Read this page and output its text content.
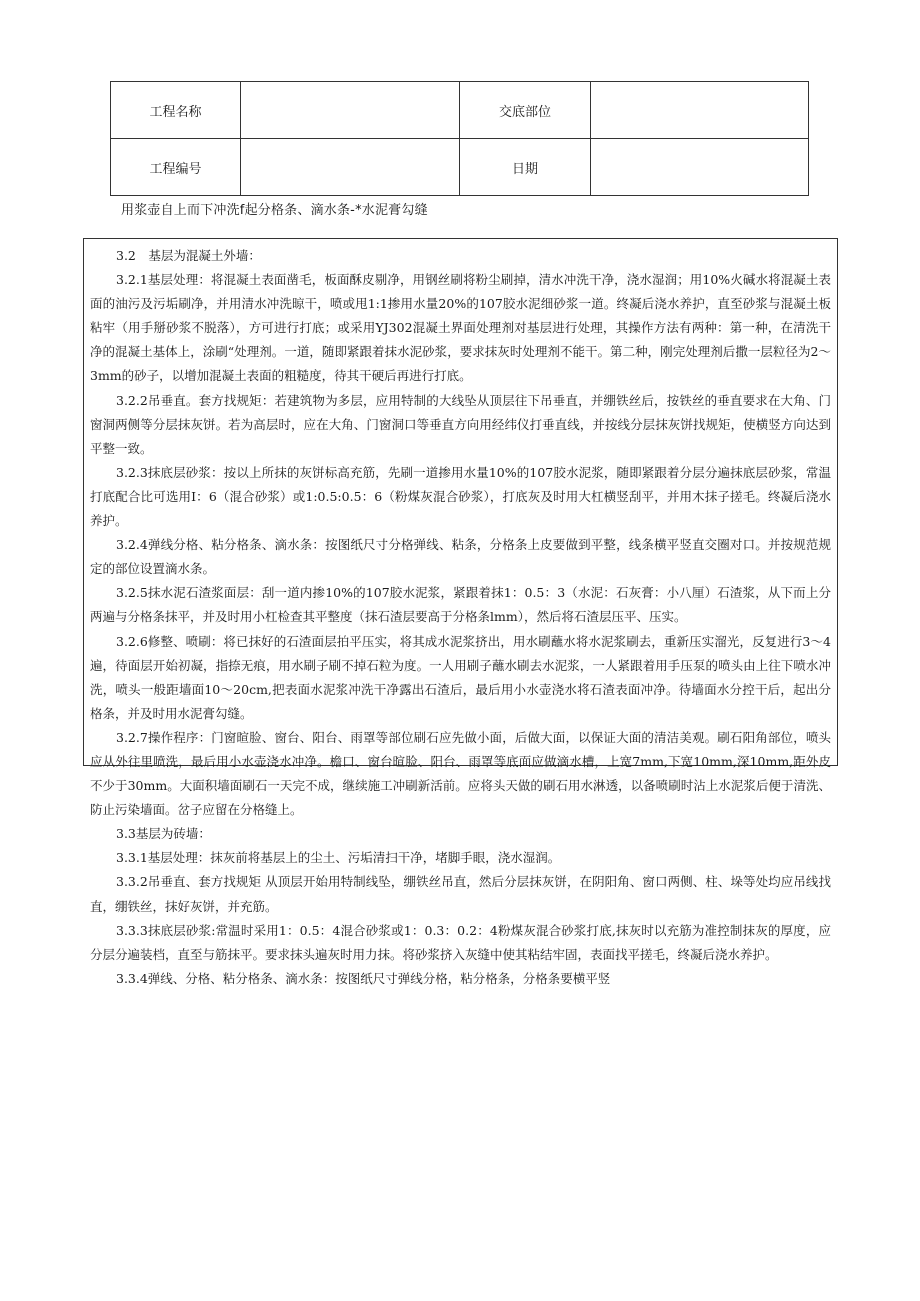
工程名称		交底部位	
工程编号		日期	
用浆壶自上而下冲洗f起分格条、滴水条-*水泥膏勾缝

3.2　基层为混凝土外墙：

3.2.1基层处理：将混凝土表面凿毛，板面酥皮剔净，用钢丝刷将粉尘刷掉，清水冲洗干净，浇水湿润；用10%火碱水将混凝土表面的油污及污垢刷净，并用清水冲洗晾干，喷或甩1:1掺用水量20%的107胶水泥细砂浆一道。终凝后浇水养护，直至砂浆与混凝土板粘牢（用手掰砂浆不脱落），方可进行打底；或采用YJ302混凝土界面处理剂对基层进行处理，其操作方法有两种：第一种，在清洗干净的混凝土基体上，涂刷“处理剂。一道，随即紧跟着抹水泥砂浆，要求抹灰时处理剂不能干。第二种，刚完处理剂后撒一层粒径为2～3mm的砂子，以增加混凝土表面的粗糙度，待其干硬后再进行打底。

3.2.2吊垂直。套方找规矩：若建筑物为多层，应用特制的大线坠从顶层往下吊垂直，并绷铁丝后，按铁丝的垂直要求在大角、门窗洞两侧等分层抹灰饼。若为高层时，应在大角、门窗洞口等垂直方向用经纬仪打垂直线，并按线分层抹灰饼找规矩，使横竖方向达到平整一致。

3.2.3抹底层砂浆：按以上所抹的灰饼标高充筋，先刷一道掺用水量10%的107胶水泥浆，随即紧跟着分层分遍抹底层砂浆，常温打底配合比可选用I：6（混合砂浆）或1:0.5:0.5：6（粉煤灰混合砂浆），打底灰及时用大杠横竖刮平，并用木抹子搓毛。终凝后浇水养护。

3.2.4弹线分格、粘分格条、滴水条：按图纸尺寸分格弹线、粘条，分格条上皮要做到平整，线条横平竖直交圈对口。并按规范规定的部位设置滴水条。

3.2.5抹水泥石渣浆面层：刮一道内掺10%的107胶水泥浆，紧跟着抹1：0.5：3（水泥：石灰膏：小八厘）石渣浆，从下而上分两遍与分格条抹平，并及时用小杠检查其平整度（抹石渣层要高于分格条lmm），然后将石渣层压平、压实。

3.2.6修整、喷刷：将已抹好的石渣面层拍平压实，将其成水泥浆挤出，用水刷蘸水将水泥浆刷去，重新压实溜光，反复进行3～4遍，待面层开始初凝，指捺无痕，用水刷子刷不掉石粒为度。一人用刷子蘸水刷去水泥浆，一人紧跟着用手压泵的喷头由上往下喷水冲洗，喷头一般距墙面10～20cm,把表面水泥浆冲洗干净露出石渣后，最后用小水壶浇水将石渣表面冲净。待墙面水分控干后，起出分格条，并及时用水泥膏勾缝。

3.2.7操作程序：门窗暄脸、窗台、阳台、雨罩等部位刷石应先做小面，后做大面，以保证大面的清洁美观。刷石阳角部位，喷头应从外往里喷洗，最后用小水壶浇水冲净。檐口、窗台暄脸、阳台、雨罩等底面应做滴水槽，上宽7mm,下宽10mm,深10mm,距外皮不少于30mm。大面积墙面刷石一天完不成，继续施工冲刷新活前。应将头天做的刷石用水淋透，以备喷刷时沾上水泥浆后便于清洗、防止污染墙面。岔子应留在分格缝上。

3.3基层为砖墙：

3.3.1基层处理：抹灰前将基层上的尘土、污垢清扫干净，堵脚手眼，浇水湿润。

3.3.2吊垂直、套方找规矩 从顶层开始用特制线坠，绷铁丝吊直，然后分层抹灰饼，在阴阳角、窗口两侧、柱、垛等处均应吊线找直，绷铁丝，抹好灰饼，并充筋。

3.3.3抹底层砂浆:常温时采用1：0.5：4混合砂浆或1：0.3：0.2：4粉煤灰混合砂浆打底,抹灰时以充筋为准控制抹灰的厚度，应分层分遍装档，直至与筋抹平。要求抹头遍灰时用力抹。将砂浆挤入灰缝中使其粘结牢固，表面找平搓毛，终凝后浇水养护。

3.3.4弹线、分格、粘分格条、滴水条：按图纸尺寸弹线分格，粘分格条，分格条要横平竖
